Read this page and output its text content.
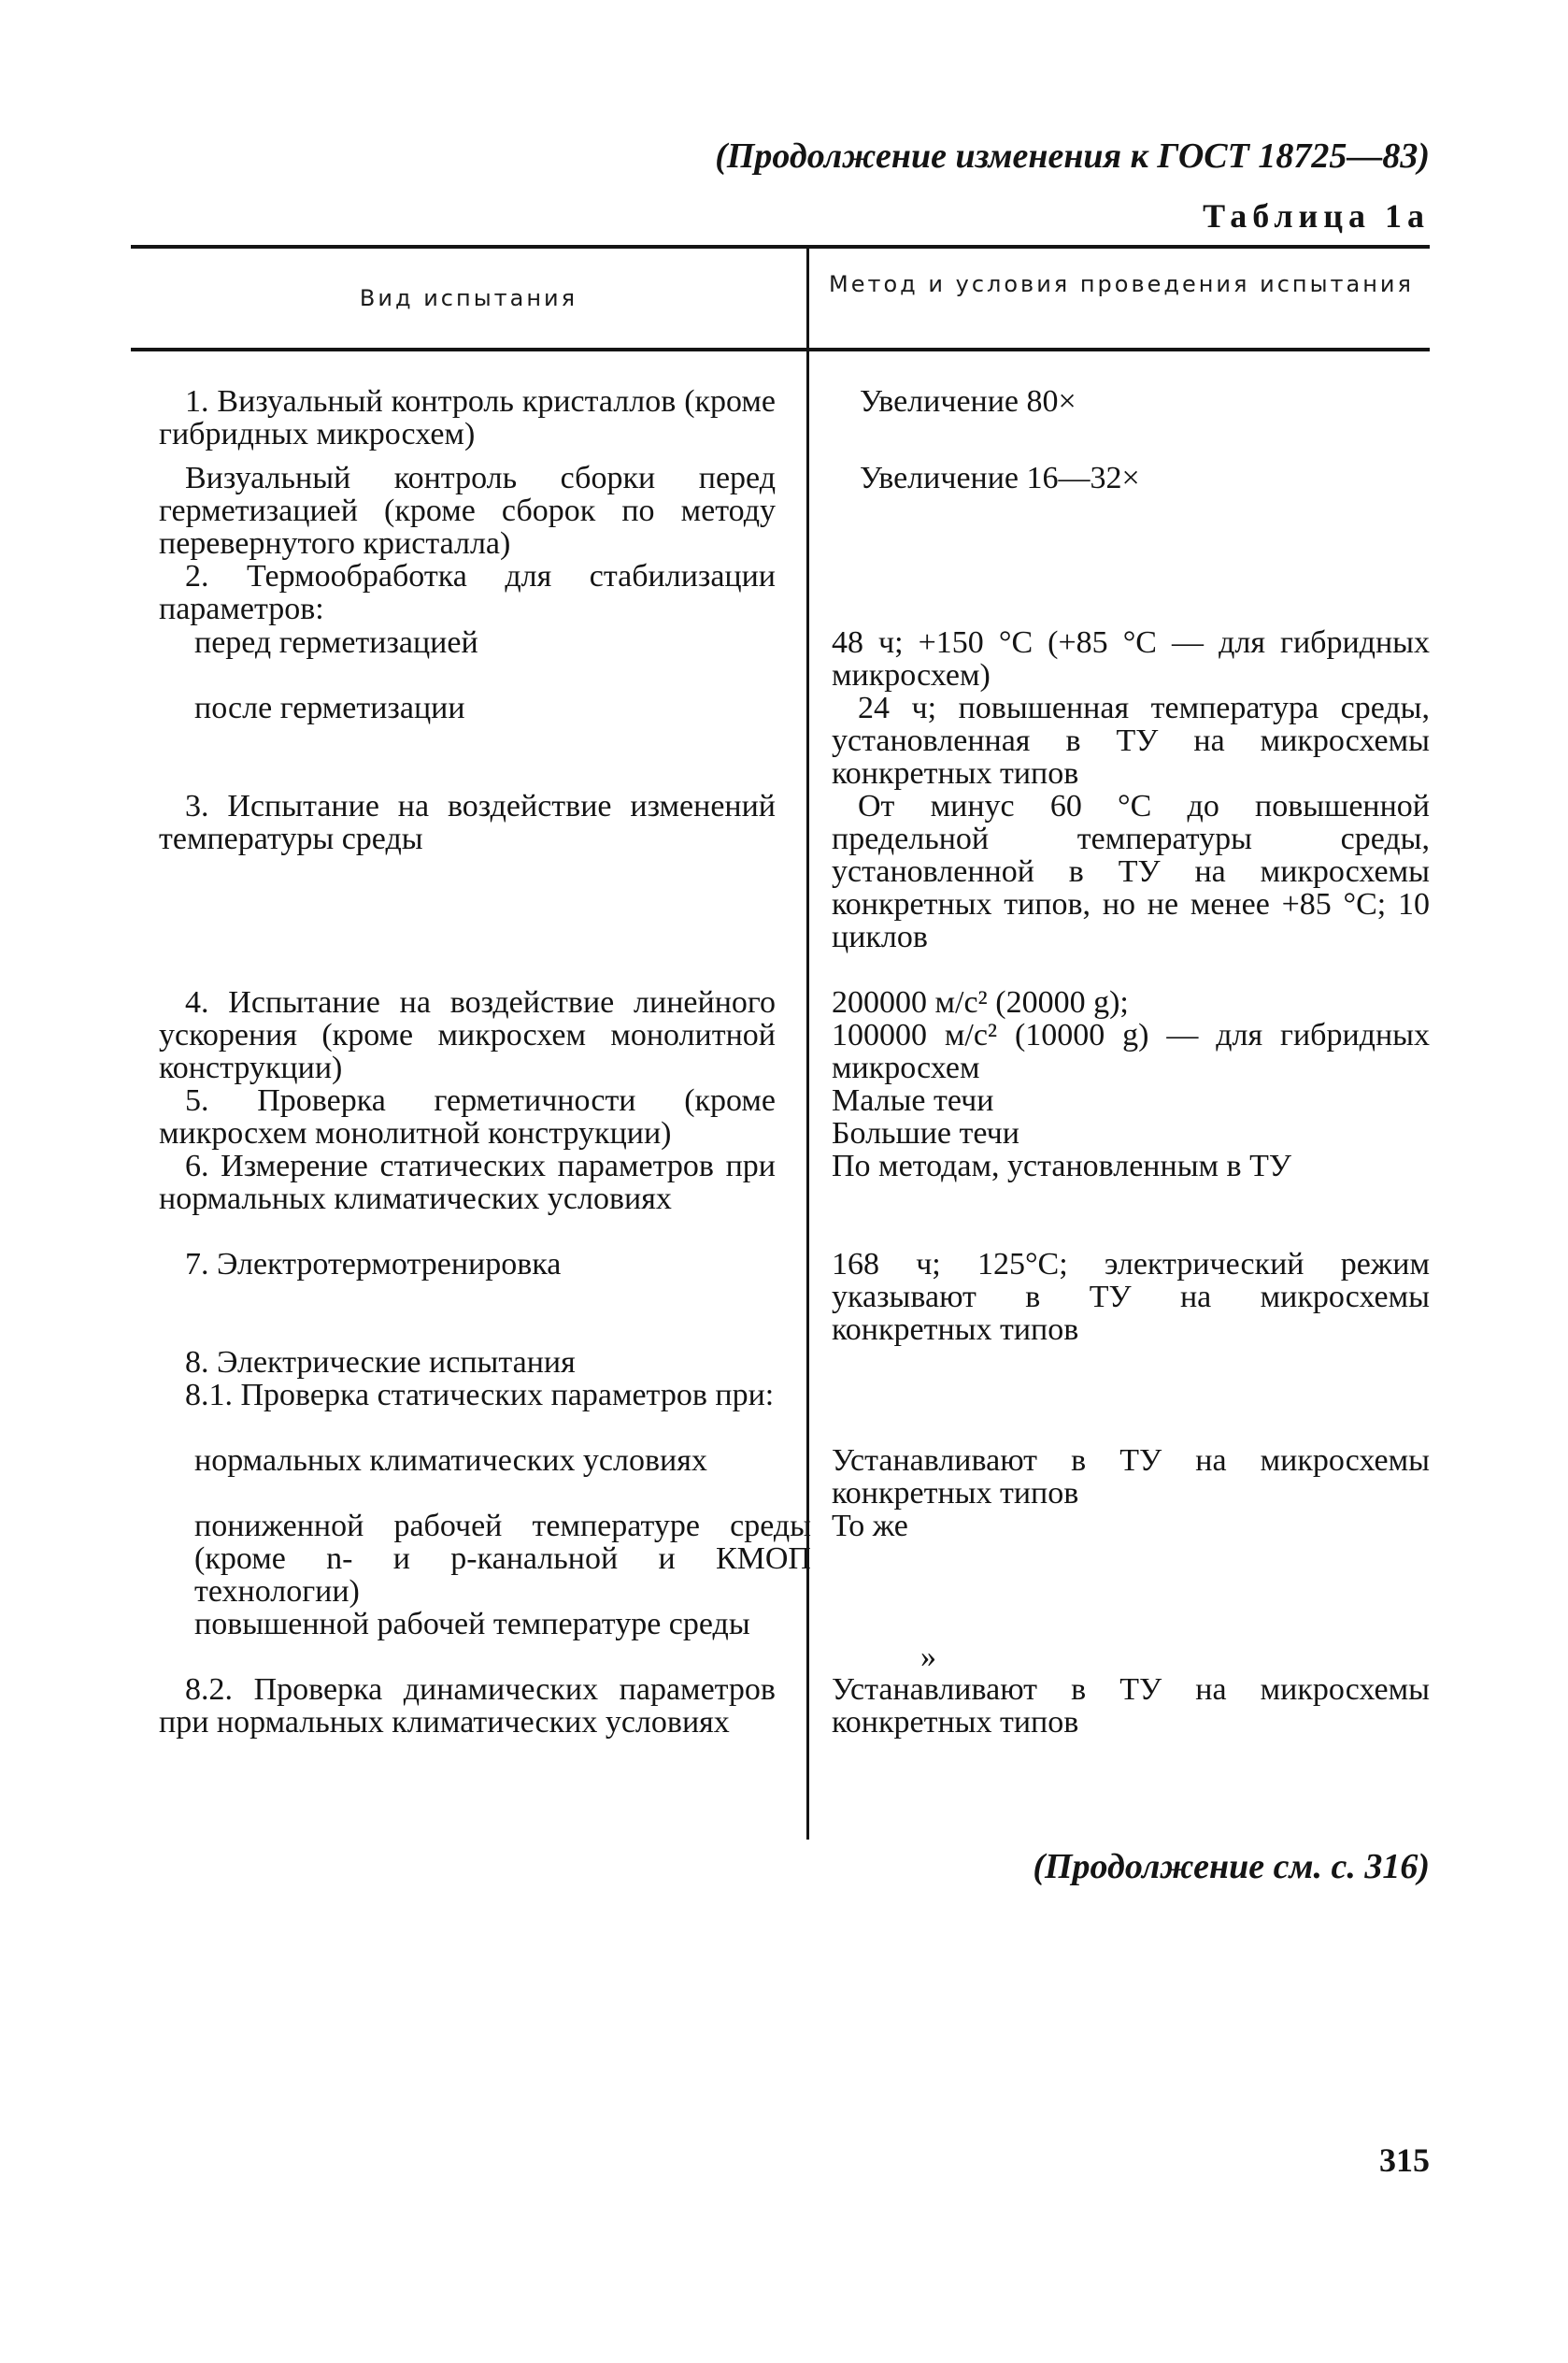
(Продолжение изменения к ГОСТ 18725—83)
Таблица 1а
Вид испытания
Метод и условия проведения испытания
1. Визуальный контроль кристаллов (кроме гибридных микросхем)
Визуальный контроль сборки перед герметизацией (кроме сборок по методу перевернутого кристалла)
2. Термообработка для стабилизации параметров:
перед герметизацией
после герметизации
3. Испытание на воздействие изменений температуры среды
4. Испытание на воздействие линейного ускорения (кроме микросхем монолитной конструкции)
5. Проверка герметичности (кроме микросхем монолитной конструкции)
6. Измерение статических параметров при нормальных климатических условиях
7. Электротермотренировка
8. Электрические испытания
8.1. Проверка статических параметров при:
нормальных климатических условиях
пониженной рабочей температуре среды (кроме n- и p-канальной и КМОП технологии)
повышенной рабочей температуре среды
8.2. Проверка динамических параметров при нормальных климатических условиях
Увеличение 80×
Увеличение 16—32×
48 ч; +150 °С (+85 °С — для гибридных микросхем)
24 ч; повышенная температура среды, установленная в ТУ на микросхемы конкретных типов
От минус 60 °С до повышенной предельной температуры среды, установленной в ТУ на микросхемы конкретных типов, но не менее +85 °С; 10 циклов
200000 м/с² (20000 g);
100000 м/с² (10000 g) — для гибридных микросхем
Малые течи
Большие течи
По методам, установленным в ТУ
168 ч; 125°С; электрический режим указывают в ТУ на микросхемы конкретных типов
Устанавливают в ТУ на микросхемы конкретных типов
То же
»
Устанавливают в ТУ на микросхемы конкретных типов
(Продолжение см. с. 316)
315
